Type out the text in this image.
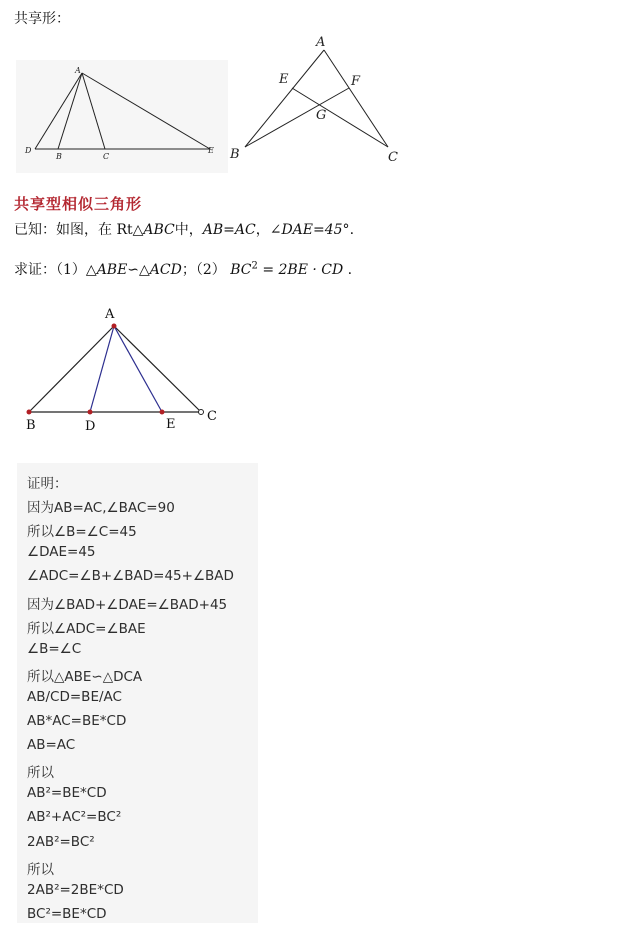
共享形：
A
D
B	C
E
A
E	F
G
B	C
共享型相似三角形
已知：如图，在 Rt△ABC中，AB=AC，∠DAE=45°.
求证：（1）△ABE∽△ACD；（2） $BC^2 = 2BE$ · CD .
A
B	D	E
C
证明：
因为AB=AC,∠BAC=90
所以∠B=∠C=45
∠DAE=45
∠ADC=∠B+∠BAD=45+∠BAD
因为∠BAD+∠DAE=∠BAD+45
所以∠ADC=∠BAE
∠B=∠C
所以△ABE∽△DCA
AB/CD=BE/AC
AB*AC=BE*CD
AB=AC
所以
AB²=BE*CD
AB²+AC²=BC²
2AB²=BC²
所以
2AB²=2BE*CD
BC²=BE*CD
